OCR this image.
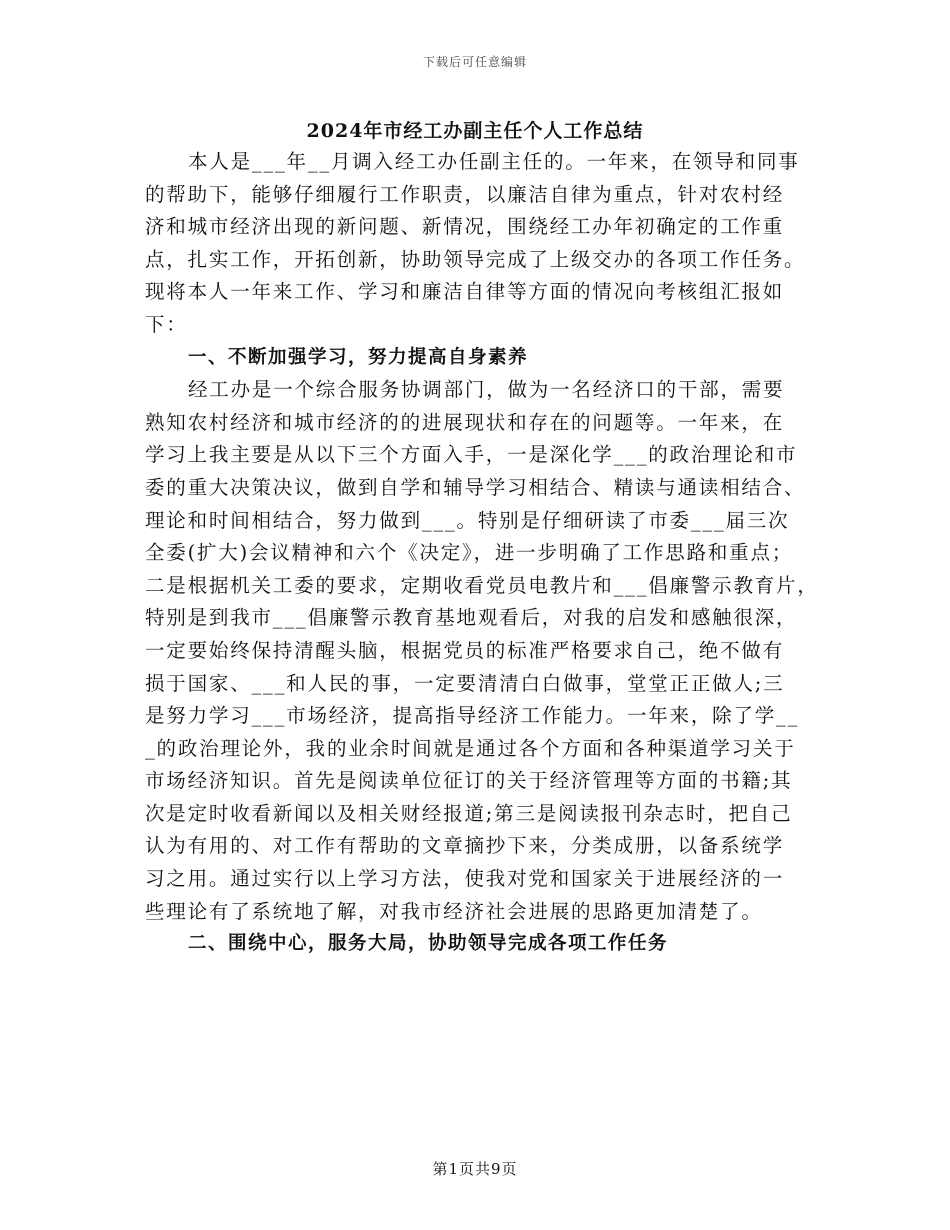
下载后可任意编辑
2024年市经工办副主任个人工作总结
本人是___年__月调入经工办任副主任的。一年来，在领导和同事
的帮助下，能够仔细履行工作职责，以廉洁自律为重点，针对农村经
济和城市经济出现的新问题、新情况，围绕经工办年初确定的工作重
点，扎实工作，开拓创新，协助领导完成了上级交办的各项工作任务。
现将本人一年来工作、学习和廉洁自律等方面的情况向考核组汇报如
下：
一、不断加强学习，努力提高自身素养
经工办是一个综合服务协调部门，做为一名经济口的干部，需要
熟知农村经济和城市经济的的进展现状和存在的问题等。一年来，在
学习上我主要是从以下三个方面入手，一是深化学___的政治理论和市
委的重大决策决议，做到自学和辅导学习相结合、精读与通读相结合、
理论和时间相结合，努力做到___。特别是仔细研读了市委___届三次
全委(扩大)会议精神和六个《决定》，进一步明确了工作思路和重点；
二是根据机关工委的要求，定期收看党员电教片和___倡廉警示教育片，
特别是到我市___倡廉警示教育基地观看后，对我的启发和感触很深，
一定要始终保持清醒头脑，根据党员的标准严格要求自己，绝不做有
损于国家、___和人民的事，一定要清清白白做事，堂堂正正做人;三
是努力学习___市场经济，提高指导经济工作能力。一年来，除了学__
_的政治理论外，我的业余时间就是通过各个方面和各种渠道学习关于
市场经济知识。首先是阅读单位征订的关于经济管理等方面的书籍;其
次是定时收看新闻以及相关财经报道;第三是阅读报刊杂志时，把自己
认为有用的、对工作有帮助的文章摘抄下来，分类成册，以备系统学
习之用。通过实行以上学习方法，使我对党和国家关于进展经济的一
些理论有了系统地了解，对我市经济社会进展的思路更加清楚了。
二、围绕中心，服务大局，协助领导完成各项工作任务
第1页共9页
